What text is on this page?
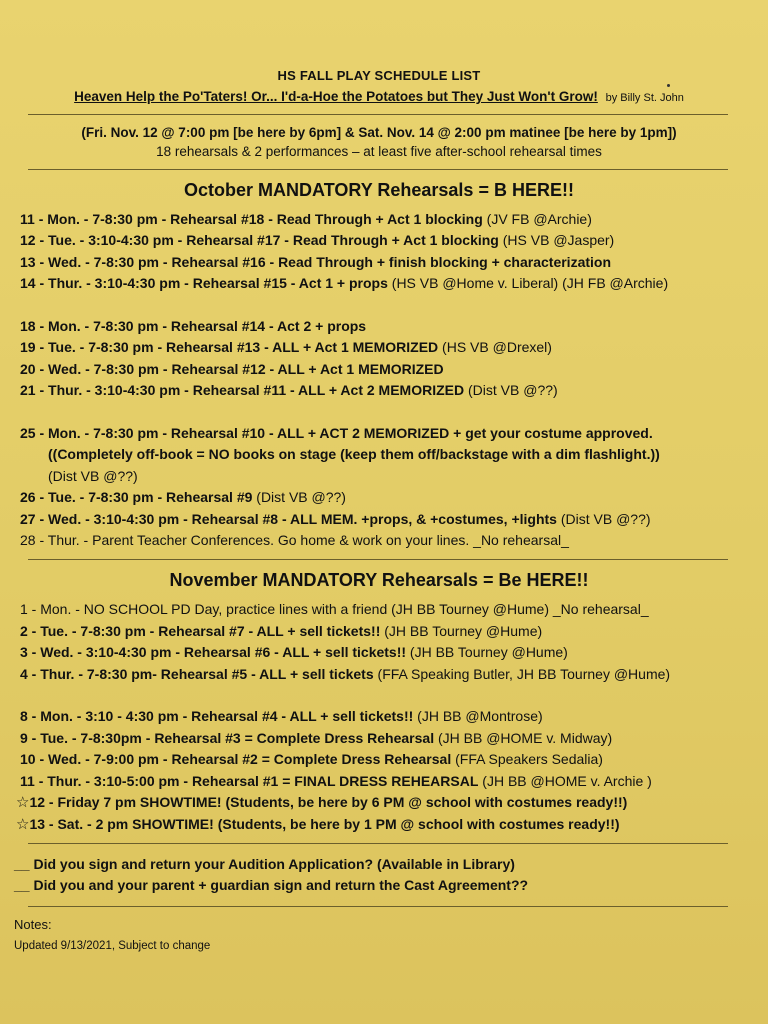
HS FALL PLAY SCHEDULE LIST

Heaven Help the Po'Taters! Or... I'd-a-Hoe the Potatoes but They Just Won't Grow! by Billy St. John

(Fri. Nov. 12 @ 7:00 pm [be here by 6pm] & Sat. Nov. 14 @ 2:00 pm matinee [be here by 1pm])

18 rehearsals & 2 performances – at least five after-school rehearsal times

October MANDATORY Rehearsals = B HERE!!

11 - Mon. - 7-8:30 pm - Rehearsal #18 - Read Through + Act 1 blocking (JV FB @Archie)
12 - Tue. - 3:10-4:30 pm - Rehearsal #17 - Read Through + Act 1 blocking (HS VB @Jasper)
13 - Wed. - 7-8:30 pm - Rehearsal #16 - Read Through + finish blocking + characterization
14 - Thur. - 3:10-4:30 pm - Rehearsal #15 - Act 1 + props (HS VB @Home v. Liberal) (JH FB @Archie)
18 - Mon. - 7-8:30 pm - Rehearsal #14 - Act 2 + props
19 - Tue. - 7-8:30 pm - Rehearsal #13 - ALL + Act 1 MEMORIZED (HS VB @Drexel)
20 - Wed. - 7-8:30 pm - Rehearsal #12 - ALL + Act 1 MEMORIZED
21 - Thur. - 3:10-4:30 pm - Rehearsal #11 - ALL + Act 2 MEMORIZED (Dist VB @??)
25 - Mon. - 7-8:30 pm - Rehearsal #10 - ALL + ACT 2 MEMORIZED + get your costume approved.
((Completely off-book = NO books on stage (keep them off/backstage with a dim flashlight.))
(Dist VB @??)
26 - Tue. - 7-8:30 pm - Rehearsal #9 (Dist VB @??)
27 - Wed. - 3:10-4:30 pm - Rehearsal #8 - ALL MEM. +props, & +costumes, +lights (Dist VB @??)
28 - Thur. - Parent Teacher Conferences. Go home & work on your lines. _No rehearsal_

November MANDATORY Rehearsals = Be HERE!!

1 - Mon. - NO SCHOOL PD Day, practice lines with a friend (JH BB Tourney @Hume) _No rehearsal_
2 - Tue. - 7-8:30 pm - Rehearsal #7 - ALL + sell tickets!! (JH BB Tourney @Hume)
3 - Wed. - 3:10-4:30 pm - Rehearsal #6 - ALL + sell tickets!! (JH BB Tourney @Hume)
4 - Thur. - 7-8:30 pm- Rehearsal #5 - ALL + sell tickets (FFA Speaking Butler, JH BB Tourney @Hume)
8 - Mon. - 3:10 - 4:30 pm - Rehearsal #4 - ALL + sell tickets!! (JH BB @Montrose)
9 - Tue. - 7-8:30pm - Rehearsal #3 = Complete Dress Rehearsal (JH BB @HOME v. Midway)
10 - Wed. - 7-9:00 pm - Rehearsal #2 = Complete Dress Rehearsal (FFA Speakers Sedalia)
11 - Thur. - 3:10-5:00 pm - Rehearsal #1 = FINAL DRESS REHEARSAL (JH BB @HOME v. Archie )
☆12 - Friday 7 pm SHOWTIME! (Students, be here by 6 PM @ school with costumes ready!!)
☆13 - Sat. - 2 pm SHOWTIME! (Students, be here by 1 PM @ school with costumes ready!!)

__ Did you sign and return your Audition Application? (Available in Library)

__ Did you and your parent + guardian sign and return the Cast Agreement??

Notes:

Updated 9/13/2021, Subject to change
